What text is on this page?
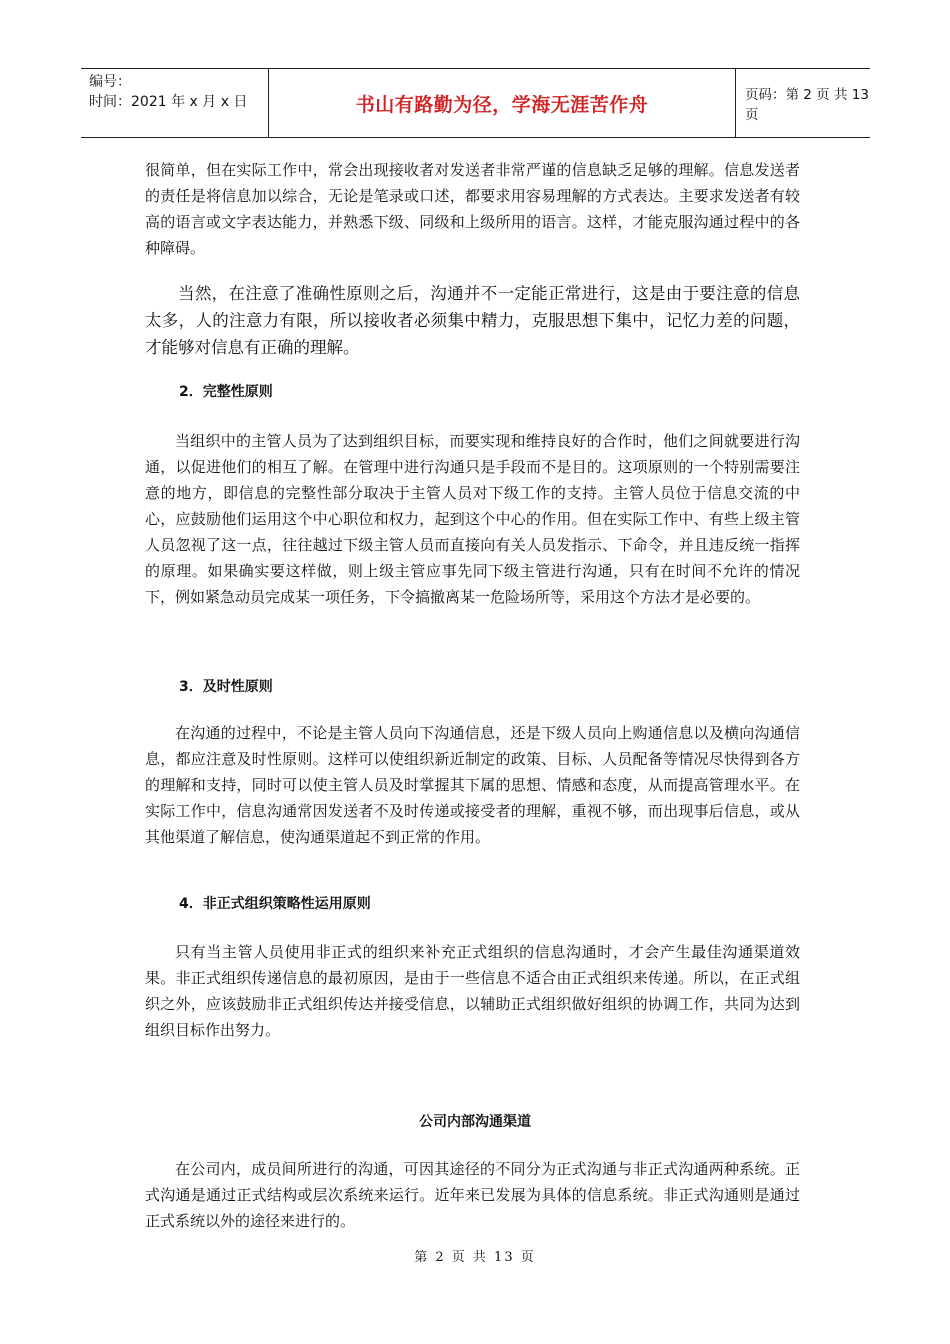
编号：
时间：2021 年 x 月 x 日	书山有路勤为径，学海无涯苦作舟	页码：第 2 页 共 13 页

很简单，但在实际工作中，常会出现接收者对发送者非常严谨的信息缺乏足够的理解。信息发送者的责任是将信息加以综合，无论是笔录或口述，都要求用容易理解的方式表达。主要求发送者有较高的语言或文字表达能力，并熟悉下级、同级和上级所用的语言。这样，才能克服沟通过程中的各种障碍。

当然，在注意了准确性原则之后，沟通并不一定能正常进行，这是由于要注意的信息太多，人的注意力有限，所以接收者必须集中精力，克服思想下集中，记忆力差的问题，才能够对信息有正确的理解。

2．完整性原则

当组织中的主管人员为了达到组织目标，而要实现和维持良好的合作时，他们之间就要进行沟通，以促进他们的相互了解。在管理中进行沟通只是手段而不是目的。这项原则的一个特别需要注意的地方，即信息的完整性部分取决于主管人员对下级工作的支持。主管人员位于信息交流的中心，应鼓励他们运用这个中心职位和权力，起到这个中心的作用。但在实际工作中、有些上级主管人员忽视了这一点，往往越过下级主管人员而直接向有关人员发指示、下命令，并且违反统一指挥的原理。如果确实要这样做，则上级主管应事先同下级主管进行沟通，只有在时间不允许的情况下，例如紧急动员完成某一项任务，下令搞撤离某一危险场所等，采用这个方法才是必要的。

3．及时性原则

在沟通的过程中，不论是主管人员向下沟通信息，还是下级人员向上购通信息以及横向沟通信息，都应注意及时性原则。这样可以使组织新近制定的政策、目标、人员配备等情况尽快得到各方的理解和支持，同时可以使主管人员及时掌握其下属的思想、情感和态度，从而提高管理水平。在实际工作中，信息沟通常因发送者不及时传递或接受者的理解，重视不够，而出现事后信息，或从其他渠道了解信息，使沟通渠道起不到正常的作用。

4．非正式组织策略性运用原则

只有当主管人员使用非正式的组织来补充正式组织的信息沟通时，才会产生最佳沟通渠道效果。非正式组织传递信息的最初原因，是由于一些信息不适合由正式组织来传递。所以，在正式组织之外，应该鼓励非正式组织传达并接受信息，以辅助正式组织做好组织的协调工作，共同为达到组织目标作出努力。

公司内部沟通渠道

在公司内，成员间所进行的沟通，可因其途径的不同分为正式沟通与非正式沟通两种系统。正式沟通是通过正式结构或层次系统来运行。近年来已发展为具体的信息系统。非正式沟通则是通过正式系统以外的途径来进行的。

第 2 页 共 13 页
